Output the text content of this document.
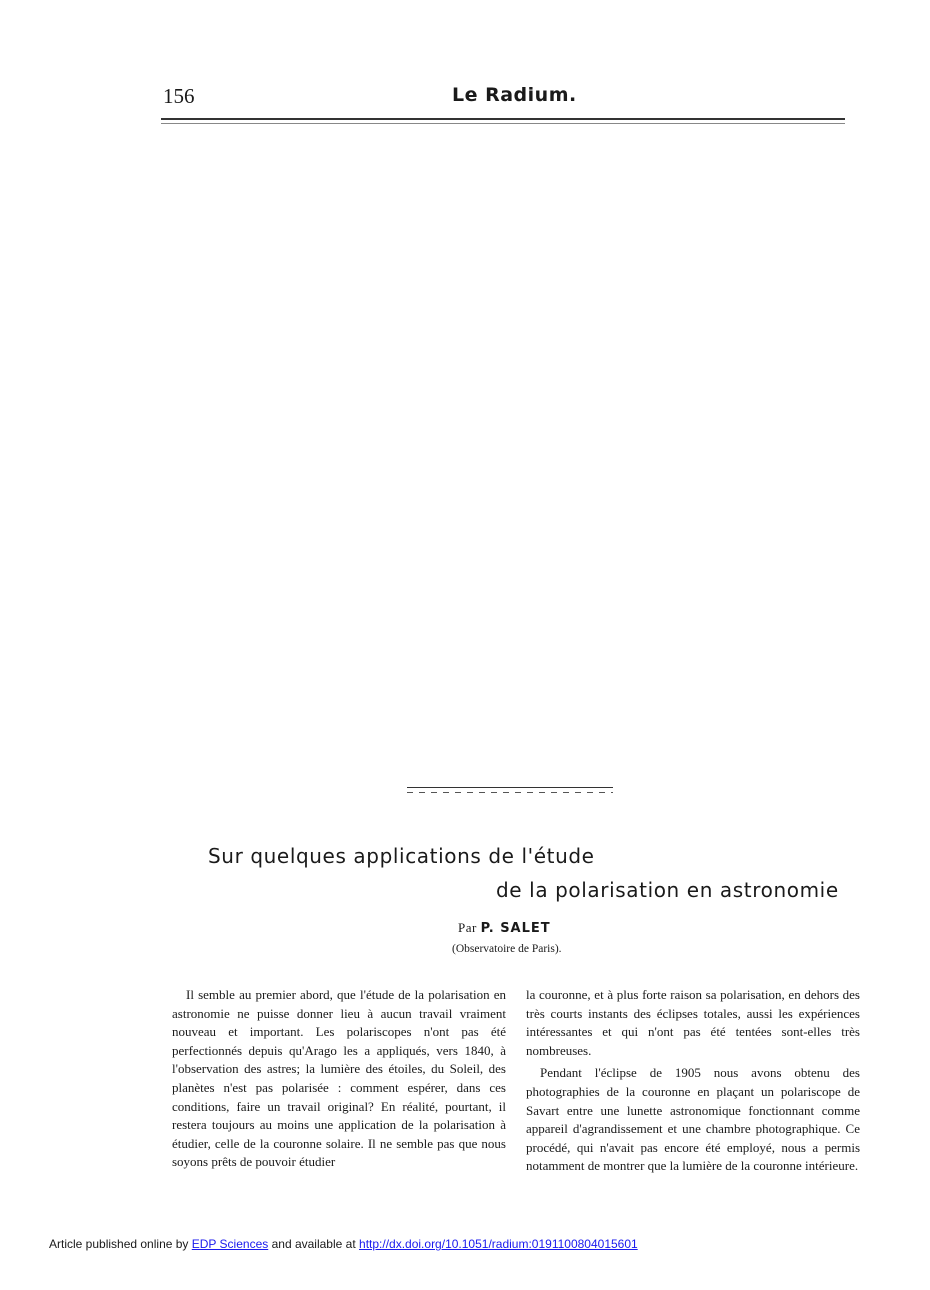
156	Le Radium.
Sur quelques applications de l'étude
de la polarisation en astronomie
Par P. SALET
(Observatoire de Paris).

Il semble au premier abord, que l'étude de la polarisation en astronomie ne puisse donner lieu à aucun travail vraiment nouveau et important. Les polariscopes n'ont pas été perfectionnés depuis qu'Arago les a appliqués, vers 1840, à l'observation des astres; la lumière des étoiles, du Soleil, des planètes n'est pas polarisée : comment espérer, dans ces conditions, faire un travail original? En réalité, pourtant, il restera toujours au moins une application de la polarisation à étudier, celle de la couronne solaire. Il ne semble pas que nous soyons prêts de pouvoir étudier

la couronne, et à plus forte raison sa polarisation, en dehors des très courts instants des éclipses totales, aussi les expériences intéressantes et qui n'ont pas été tentées sont-elles très nombreuses.

Pendant l'éclipse de 1905 nous avons obtenu des photographies de la couronne en plaçant un polariscope de Savart entre une lunette astronomique fonctionnant comme appareil d'agrandissement et une chambre photographique. Ce procédé, qui n'avait pas encore été employé, nous a permis notamment de montrer que la lumière de la couronne intérieure.

Article published online by EDP Sciences and available at http://dx.doi.org/10.1051/radium:0191100804015601
